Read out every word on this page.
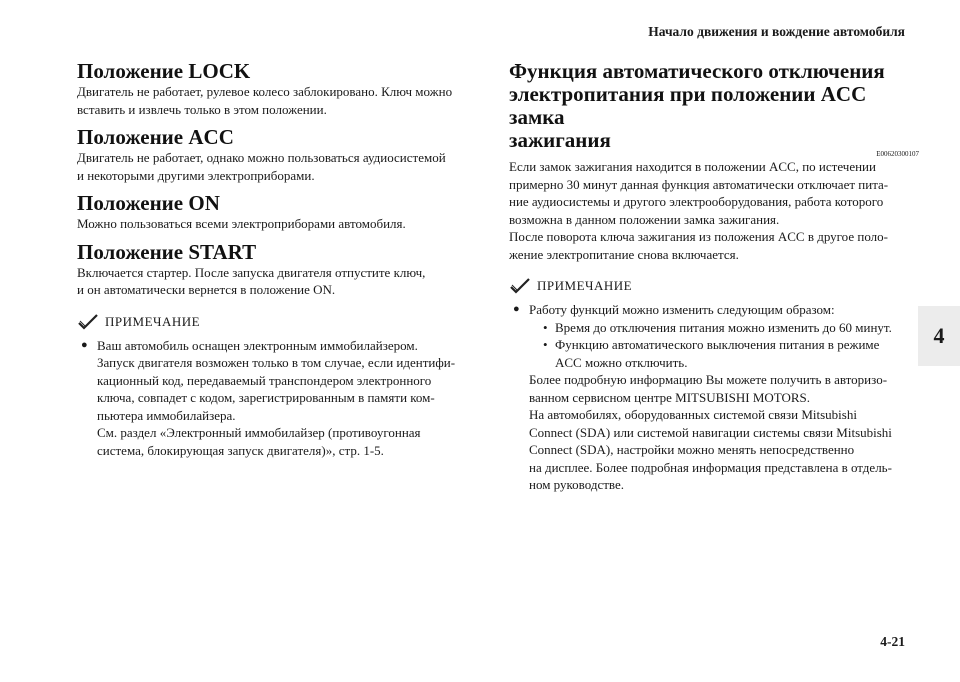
Начало движения и вождение автомобиля
Положение LOCK

Двигатель не работает, рулевое колесо заблокировано. Ключ можно

вставить и извлечь только в этом положении.

Положение ACC

Двигатель не работает, однако можно пользоваться аудиосистемой

и некоторыми другими электроприборами.

Положение ON

Можно пользоваться всеми электроприборами автомобиля.

Положение START

Включается стартер. После запуска двигателя отпустите ключ,

и он автоматически вернется в положение ON.

ПРИМЕЧАНИЕ
● Ваш автомобиль оснащен электронным иммобилайзером.

Запуск двигателя возможен только в том случае, если идентифи-

кационный код, передаваемый транспондером электронного

ключа, совпадет с кодом, зарегистрированным в памяти ком-

пьютера иммобилайзера.

См. раздел «Электронный иммобилайзер (противоугонная

система, блокирующая запуск двигателя)», стр. 1-5.

Функция автоматического отключения
электропитания при положении ACC замка
зажигания
E00620300107

Если замок зажигания находится в положении ACC, по истечении

примерно 30 минут данная функция автоматически отключает пита-

ние аудиосистемы и другого электрооборудования, работа которого

возможна в данном положении замка зажигания.

После поворота ключа зажигания из положения ACC в другое поло-

жение электропитание снова включается.

ПРИМЕЧАНИЕ
● Работу функций можно изменить следующим образом:

• Время до отключения питания можно изменить до 60 минут.

• Функцию автоматического выключения питания в режиме

ACC можно отключить.

Более подробную информацию Вы можете получить в авторизо-

ванном сервисном центре MITSUBISHI MOTORS.

На автомобилях, оборудованных системой связи Mitsubishi

Connect (SDA) или системой навигации системы связи Mitsubishi

Connect (SDA), настройки можно менять непосредственно

на дисплее. Более подробная информация представлена в отдель-

ном руководстве.

4
4-21
